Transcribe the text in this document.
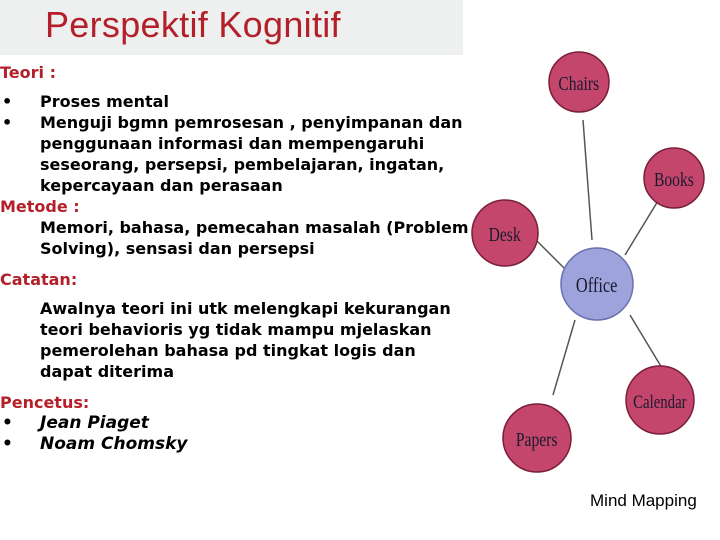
Perspektif Kognitif
Teori :
•	Proses mental
•	Menguji bgmn pemrosesan , penyimpanan dan penggunaan informasi dan mempengaruhi seseorang, persepsi, pembelajaran, ingatan, kepercayaan dan perasaan
Metode :
Memori, bahasa, pemecahan masalah (Problem Solving), sensasi dan persepsi
Catatan:
Awalnya teori ini utk melengkapi kekurangan teori behavioris yg tidak mampu mjelaskan pemerolehan bahasa pd tingkat logis dan dapat diterima
Pencetus:
•	Jean Piaget
•	Noam Chomsky
Chairs
Books
Desk
Office
Calendar
Papers
Mind Mapping
